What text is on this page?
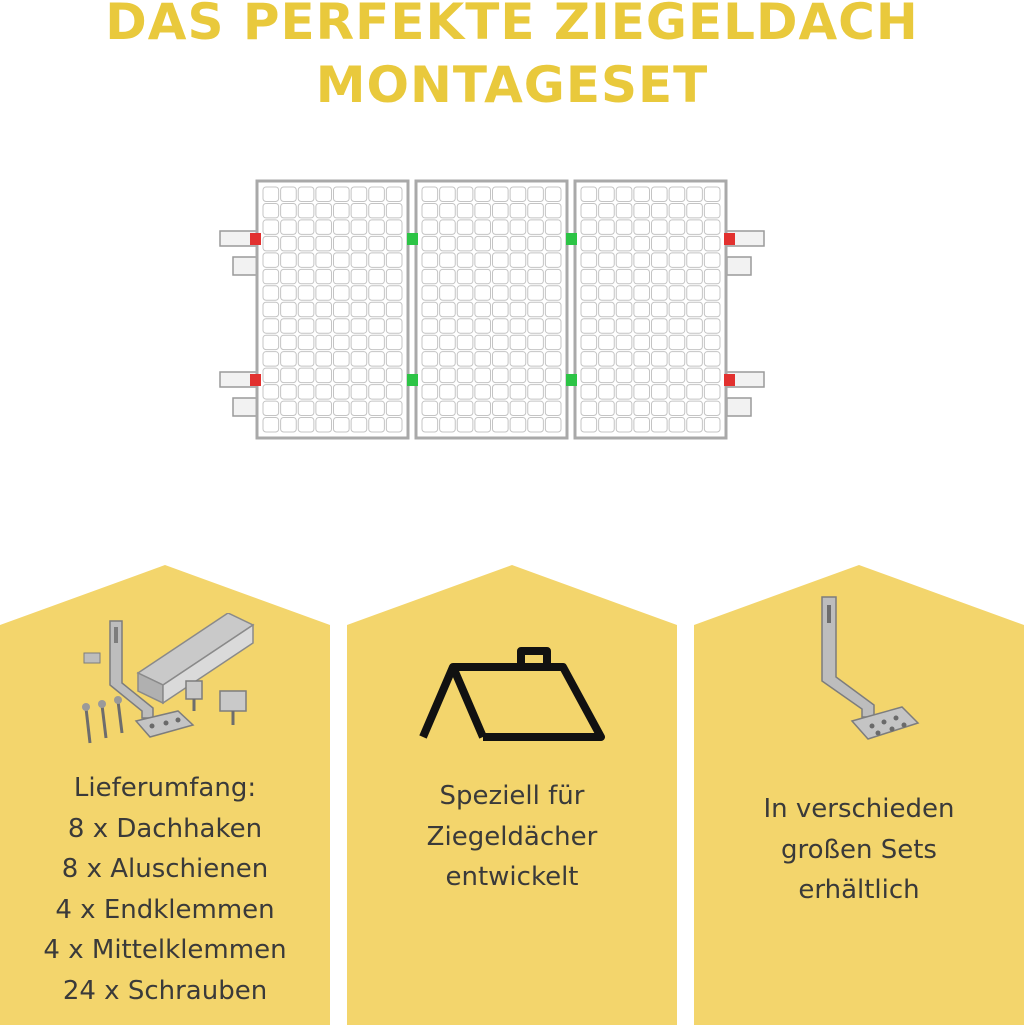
DAS PERFEKTE ZIEGELDACH
MONTAGESET
Lieferumfang:
8 x Dachhaken
8 x Aluschienen
4 x Endklemmen
4 x Mittelklemmen
24 x Schrauben
Speziell für
Ziegeldächer
entwickelt
In verschieden
großen Sets
erhältlich
